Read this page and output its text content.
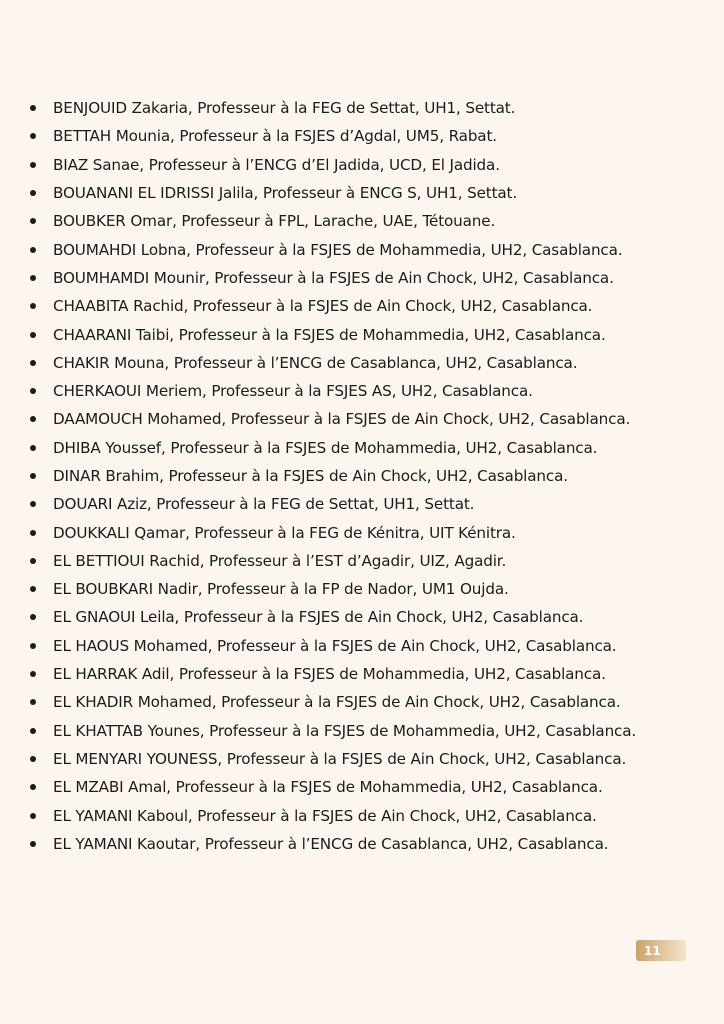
BENJOUID Zakaria, Professeur à la FEG de Settat, UH1, Settat.
BETTAH Mounia, Professeur à la FSJES d’Agdal, UM5, Rabat.
BIAZ Sanae, Professeur à l’ENCG d’El Jadida, UCD, El Jadida.
BOUANANI EL IDRISSI Jalila, Professeur à ENCG S, UH1, Settat.
BOUBKER Omar, Professeur à FPL, Larache, UAE, Tétouane.
BOUMAHDI Lobna, Professeur à la FSJES de Mohammedia, UH2, Casablanca.
BOUMHAMDI Mounir, Professeur à la FSJES de Ain Chock, UH2, Casablanca.
CHAABITA Rachid, Professeur à la FSJES de Ain Chock, UH2, Casablanca.
CHAARANI Taibi, Professeur à la FSJES de Mohammedia, UH2, Casablanca.
CHAKIR Mouna, Professeur à l’ENCG de Casablanca, UH2, Casablanca.
CHERKAOUI Meriem, Professeur à la FSJES AS, UH2, Casablanca.
DAAMOUCH Mohamed, Professeur à la FSJES de Ain Chock, UH2, Casablanca.
DHIBA Youssef, Professeur à la FSJES de Mohammedia, UH2, Casablanca.
DINAR Brahim, Professeur à la FSJES de Ain Chock, UH2, Casablanca.
DOUARI Aziz, Professeur à la FEG de Settat, UH1, Settat.
DOUKKALI Qamar, Professeur à la FEG de Kénitra, UIT Kénitra.
EL BETTIOUI Rachid, Professeur à l’EST d’Agadir, UIZ, Agadir.
EL BOUBKARI Nadir, Professeur à la FP de Nador, UM1 Oujda.
EL GNAOUI Leila, Professeur à la FSJES de Ain Chock, UH2, Casablanca.
EL HAOUS Mohamed, Professeur à la FSJES de Ain Chock, UH2, Casablanca.
EL HARRAK Adil, Professeur à la FSJES de Mohammedia, UH2, Casablanca.
EL KHADIR Mohamed, Professeur à la FSJES de Ain Chock, UH2, Casablanca.
EL KHATTAB Younes, Professeur à la FSJES de Mohammedia, UH2, Casablanca.
EL MENYARI YOUNESS, Professeur à la FSJES de Ain Chock, UH2, Casablanca.
EL MZABI Amal, Professeur à la FSJES de Mohammedia, UH2, Casablanca.
EL YAMANI Kaboul, Professeur à la FSJES de Ain Chock, UH2, Casablanca.
EL YAMANI Kaoutar, Professeur à l’ENCG de Casablanca, UH2, Casablanca.
11
